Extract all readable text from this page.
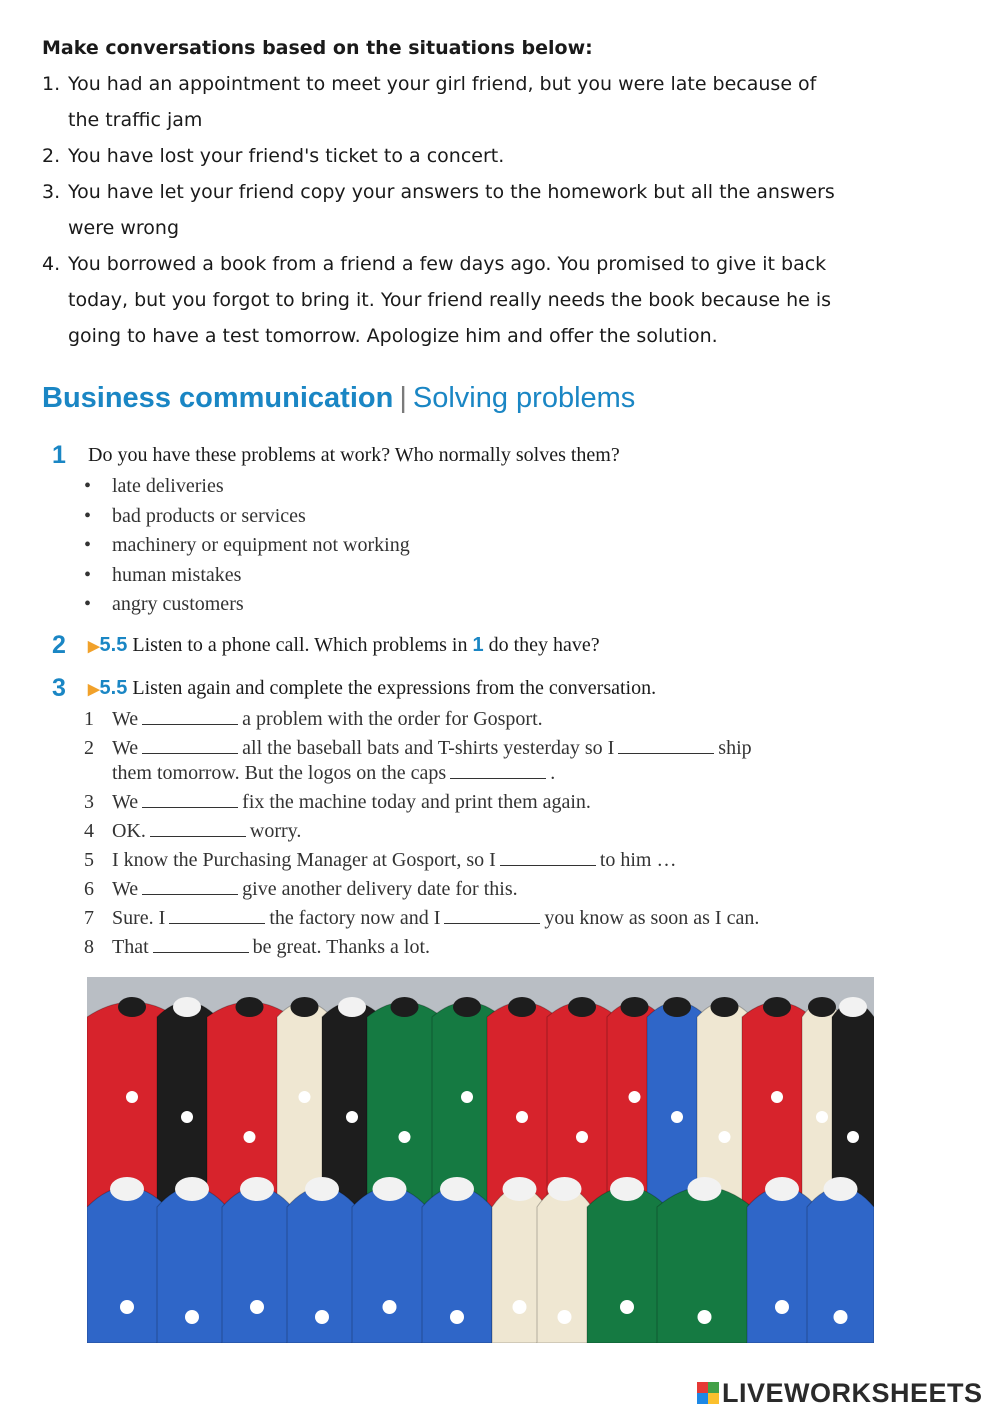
Make conversations based on the situations below:
1. You had an appointment to meet your girl friend, but you were late because of
the traffic jam
2. You have lost your friend's ticket to a concert.
3. You have let your friend copy your answers to the homework but all the answers
were wrong
4. You borrowed a book from a friend a few days ago. You promised to give it back
today, but you forgot to bring it. Your friend really needs the book because he is
going to have a test tomorrow. Apologize him and offer the solution.
Business communication | Solving problems
1 Do you have these problems at work? Who normally solves them?
• late deliveries
• bad products or services
• machinery or equipment not working
• human mistakes
• angry customers
2 ▶5.5 Listen to a phone call. Which problems in 1 do they have?
3 ▶5.5 Listen again and complete the expressions from the conversation.
1 We	a problem with the order for Gosport.
2 We	all the baseball bats and T-shirts yesterday so I	ship
them tomorrow. But the logos on the caps	.
3 We	fix the machine today and print them again.
4 OK.	worry.
5 I know the Purchasing Manager at Gosport, so I	to him …
6 We	give another delivery date for this.
7 Sure. I	the factory now and I	you know as soon as I can.
8 That	be great. Thanks a lot.
LIVEWORKSHEETS
